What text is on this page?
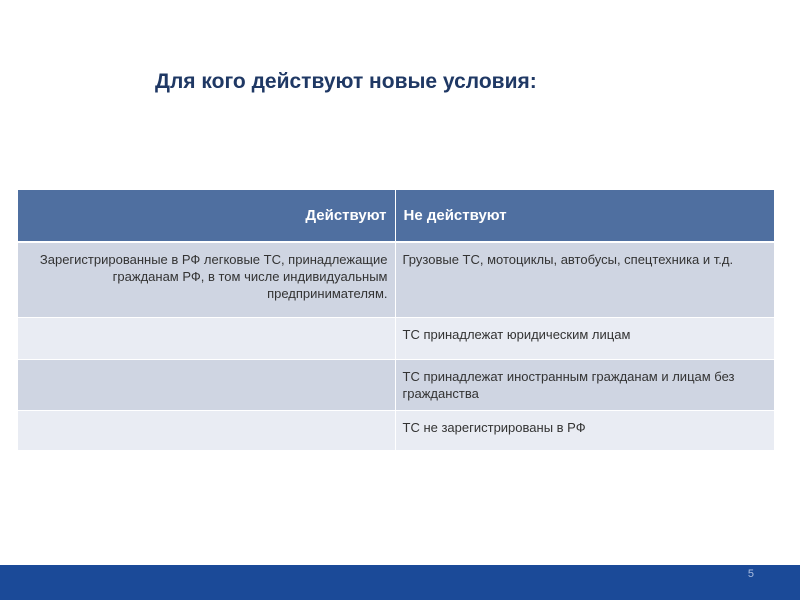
Для кого действуют новые условия:
Действуют	Не действуют
Зарегистрированные в РФ легковые ТС, принадлежащие гражданам РФ, в том числе индивидуальным предпринимателям.	Грузовые ТС, мотоциклы, автобусы, спецтехника и т.д.
	ТС принадлежат юридическим лицам
	ТС принадлежат иностранным гражданам и лицам без гражданства
	ТС не зарегистрированы в РФ
5
